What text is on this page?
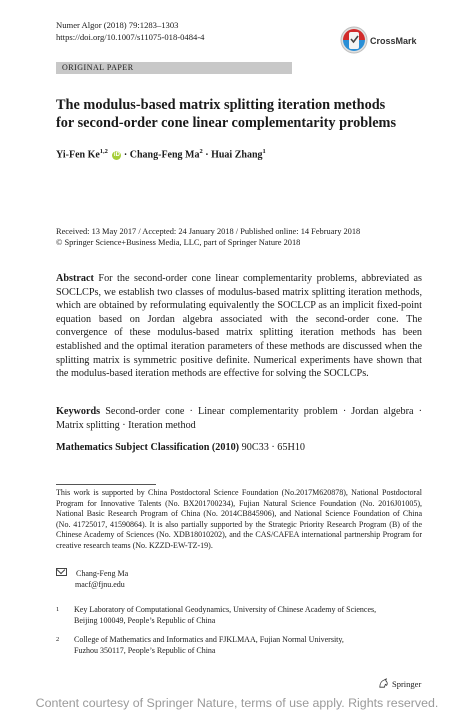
Numer Algor (2018) 79:1283–1303
https://doi.org/10.1007/s11075-018-0484-4	CrossMark
ORIGINAL PAPER
The modulus-based matrix splitting iteration methods
for second-order cone linear complementarity problems
Yi-Fen Ke$^{1,2}$ iD · Chang-Feng $Ma^2$ · Huai Zhang$^1$
Received: 13 May 2017 / Accepted: 24 January 2018 / Published online: 14 February 2018
© Springer Science+Business Media, LLC, part of Springer Nature 2018
Abstract For the second-order cone linear complementarity problems, abbreviated as SOCLCPs, we establish two classes of modulus-based matrix splitting iteration methods, which are obtained by reformulating equivalently the SOCLCP as an implicit fixed-point equation based on Jordan algebra associated with the second-order cone. The convergence of these modulus-based matrix splitting iteration methods has been established and the optimal iteration parameters of these methods are discussed when the splitting matrix is symmetric positive definite. Numerical experiments have shown that the modulus-based iteration methods are effective for solving the SOCLCPs.
Keywords Second-order cone · Linear complementarity problem · Jordan algebra · Matrix splitting · Iteration method
Mathematics Subject Classification (2010) 90C33 · 65H10
This work is supported by China Postdoctoral Science Foundation (No.2017M620878), National Postdoctoral Program for Innovative Talents (No. BX201700234), Fujian Natural Science Foundation (No. 2016J01005), National Basic Research Program of China (No. 2014CB845906), and National Science Foundation of China (No. 41725017, 41590864). It is also partially supported by the Strategic Priority Research Program (B) of the Chinese Academy of Sciences (No. XDB18010202), and the CAS/CAFEA international partnership Program for creative research teams (No. KZZD-EW-TZ-19).
Chang-Feng Ma
macf@fjnu.edu
1	Key Laboratory of Computational Geodynamics, University of Chinese Academy of Sciences,
Beijing 100049, People’s Republic of China
2	College of Mathematics and Informatics and FJKLMAA, Fujian Normal University,
Fuzhou 350117, People’s Republic of China
Springer
Content courtesy of Springer Nature, terms of use apply. Rights reserved.
